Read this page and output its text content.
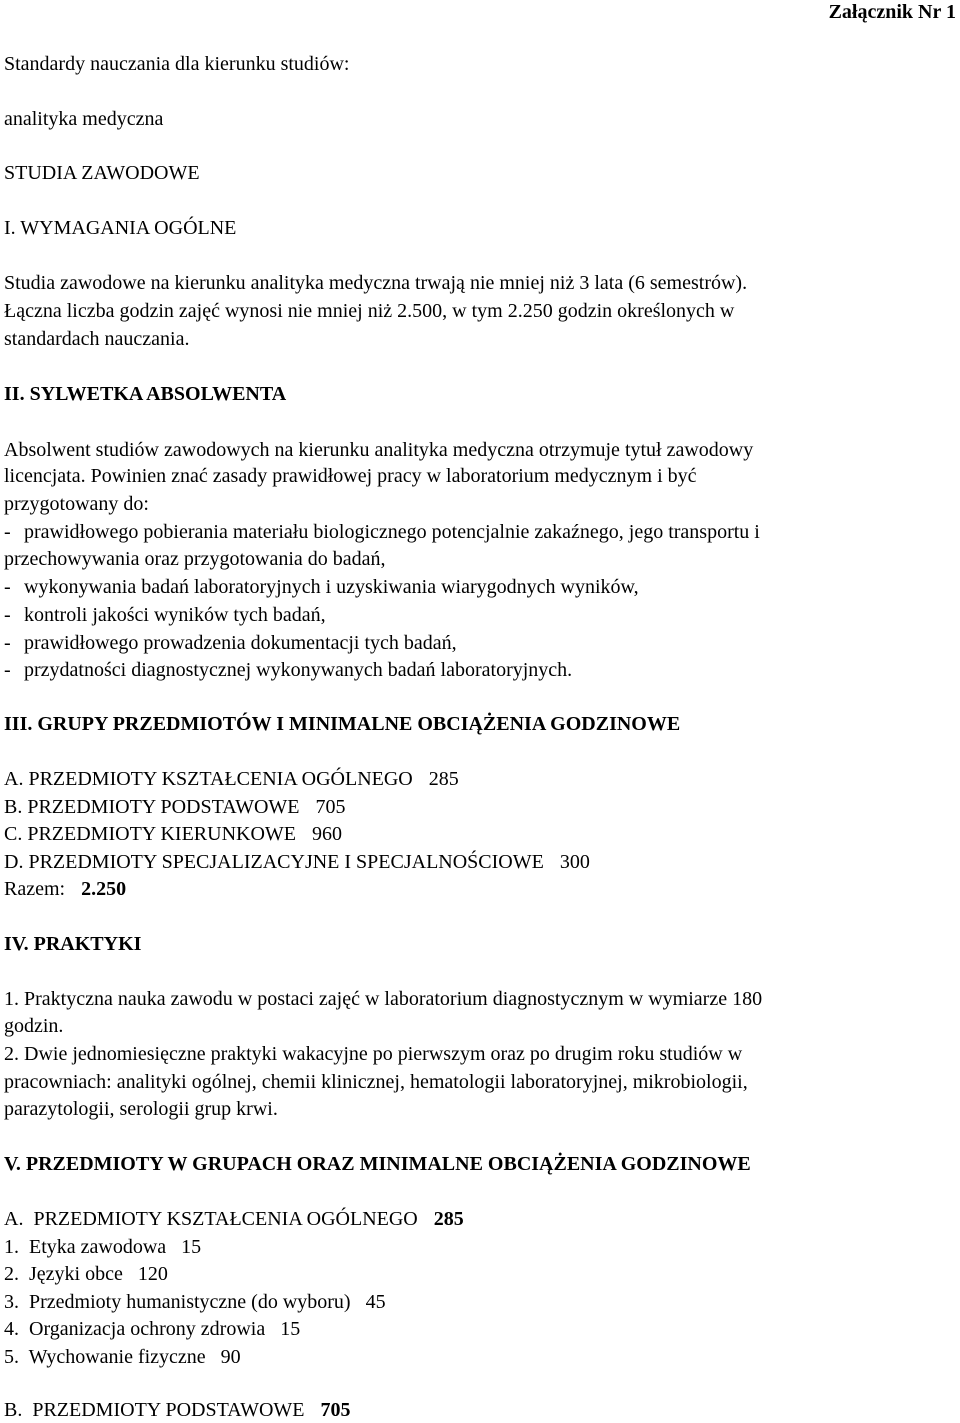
Załącznik Nr 1
Standardy nauczania dla kierunku studiów:
analityka medyczna
STUDIA ZAWODOWE
I. WYMAGANIA OGÓLNE
Studia zawodowe na kierunku analityka medyczna trwają nie mniej niż 3 lata (6 semestrów).
Łączna liczba godzin zajęć wynosi nie mniej niż 2.500, w tym 2.250 godzin określonych w
standardach nauczania.
II. SYLWETKA ABSOLWENTA
Absolwent studiów zawodowych na kierunku analityka medyczna otrzymuje tytuł zawodowy
licencjata. Powinien znać zasady prawidłowej pracy w laboratorium medycznym i być
przygotowany do:
- prawidłowego pobierania materiału biologicznego potencjalnie zakaźnego, jego transportu i
przechowywania oraz przygotowania do badań,
- wykonywania badań laboratoryjnych i uzyskiwania wiarygodnych wyników,
- kontroli jakości wyników tych badań,
- prawidłowego prowadzenia dokumentacji tych badań,
- przydatności diagnostycznej wykonywanych badań laboratoryjnych.
III. GRUPY PRZEDMIOTÓW I MINIMALNE OBCIĄŻENIA GODZINOWE
A. PRZEDMIOTY KSZTAŁCENIA OGÓLNEGO 285
B. PRZEDMIOTY PODSTAWOWE 705
C. PRZEDMIOTY KIERUNKOWE 960
D. PRZEDMIOTY SPECJALIZACYJNE I SPECJALNOŚCIOWE 300
Razem: 2.250
IV. PRAKTYKI
1. Praktyczna nauka zawodu w postaci zajęć w laboratorium diagnostycznym w wymiarze 180
godzin.
2. Dwie jednomiesięczne praktyki wakacyjne po pierwszym oraz po drugim roku studiów w
pracowniach: analityki ogólnej, chemii klinicznej, hematologii laboratoryjnej, mikrobiologii,
parazytologii, serologii grup krwi.
V. PRZEDMIOTY W GRUPACH ORAZ MINIMALNE OBCIĄŻENIA GODZINOWE
A. PRZEDMIOTY KSZTAŁCENIA OGÓLNEGO 285
1. Etyka zawodowa 15
2. Języki obce 120
3. Przedmioty humanistyczne (do wyboru) 45
4. Organizacja ochrony zdrowia 15
5. Wychowanie fizyczne 90
B. PRZEDMIOTY PODSTAWOWE 705
